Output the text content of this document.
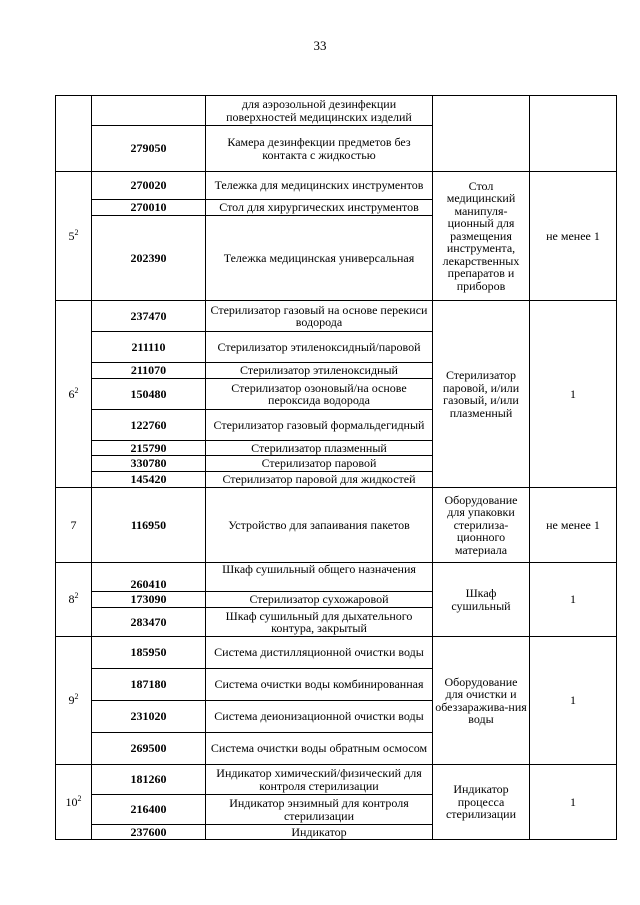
33
		для аэрозольной дезинфекции поверхностей медицинских изделий		
	279050	Камера дезинфекции предметов без контакта с жидкостью		
$5^2$	270020	Тележка для медицинских инструментов	Стол медицинский манипуля-ционный для размещения инструмента, лекарственных препаратов и приборов	не менее 1
	270010	Стол для хирургических инструментов		
	202390	Тележка медицинская универсальная		
$6^2$	237470	Стерилизатор газовый на основе перекиси водорода	Стерилизатор паровой, и/или газовый, и/или плазменный	1
	211110	Стерилизатор этиленоксидный/паровой		
	211070	Стерилизатор этиленоксидный		
	150480	Стерилизатор озоновый/на основе пероксида водорода		
	122760	Стерилизатор газовый формальдегидный		
	215790	Стерилизатор плазменный		
	330780	Стерилизатор паровой		
	145420	Стерилизатор паровой для жидкостей		
7	116950	Устройство для запаивания пакетов	Оборудование для упаковки стерилиза-ционного материала	не менее 1
$8^2$	260410	Шкаф сушильный общего назначения	Шкаф сушильный	1
	173090	Стерилизатор сухожаровой		
	283470	Шкаф сушильный для дыхательного контура, закрытый		
$9^2$	185950	Система дистилляционной очистки воды	Оборудование для очистки и обеззаражива-ния воды	1
	187180	Система очистки воды комбинированная		
	231020	Система деионизационной очистки воды		
	269500	Система очистки воды обратным осмосом		
$10^2$	181260	Индикатор химический/физический для контроля стерилизации	Индикатор процесса стерилизации	1
	216400	Индикатор энзимный для контроля стерилизации		
	237600	Индикатор		
